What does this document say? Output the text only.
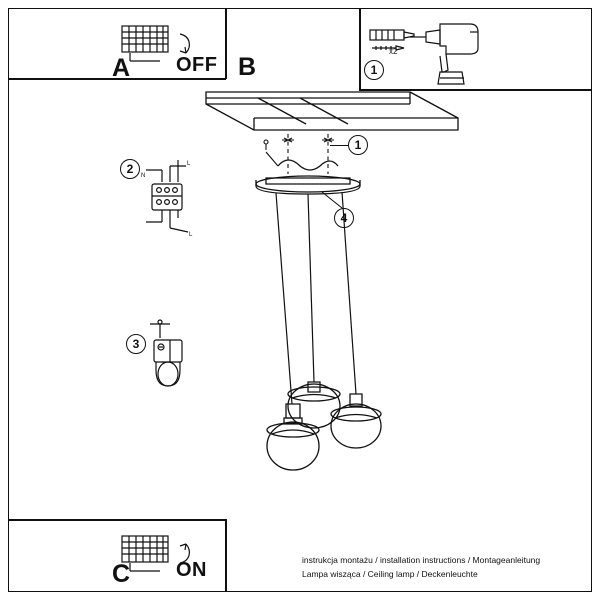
A OFF B	1
x2
2	L
N
L
3
1
4
C ON	instrukcja montażu / installation instructions / Montageanleitung
Lampa wisząca / Ceiling lamp / Deckenleuchte
